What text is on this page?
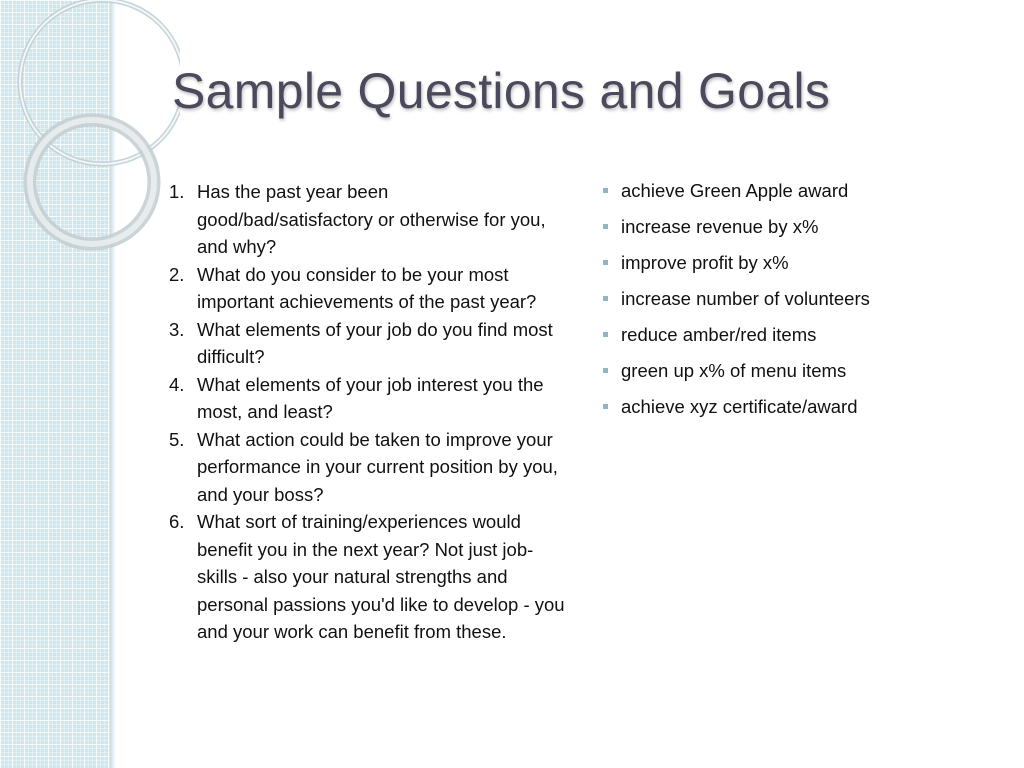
Sample Questions and Goals
1. Has the past year been good/bad/satisfactory or otherwise for you, and why?
2. What do you consider to be your most important achievements of the past year?
3. What elements of your job do you find most difficult?
4. What elements of your job interest you the most, and least?
5. What action could be taken to improve your performance in your current position by you, and your boss?
6. What sort of training/experiences would benefit you in the next year? Not just job-skills - also your natural strengths and personal passions you'd like to develop - you and your work can benefit from these.
achieve Green Apple award
increase revenue by x%
improve profit by x%
increase number of volunteers
reduce amber/red items
green up x% of menu items
achieve xyz certificate/award
